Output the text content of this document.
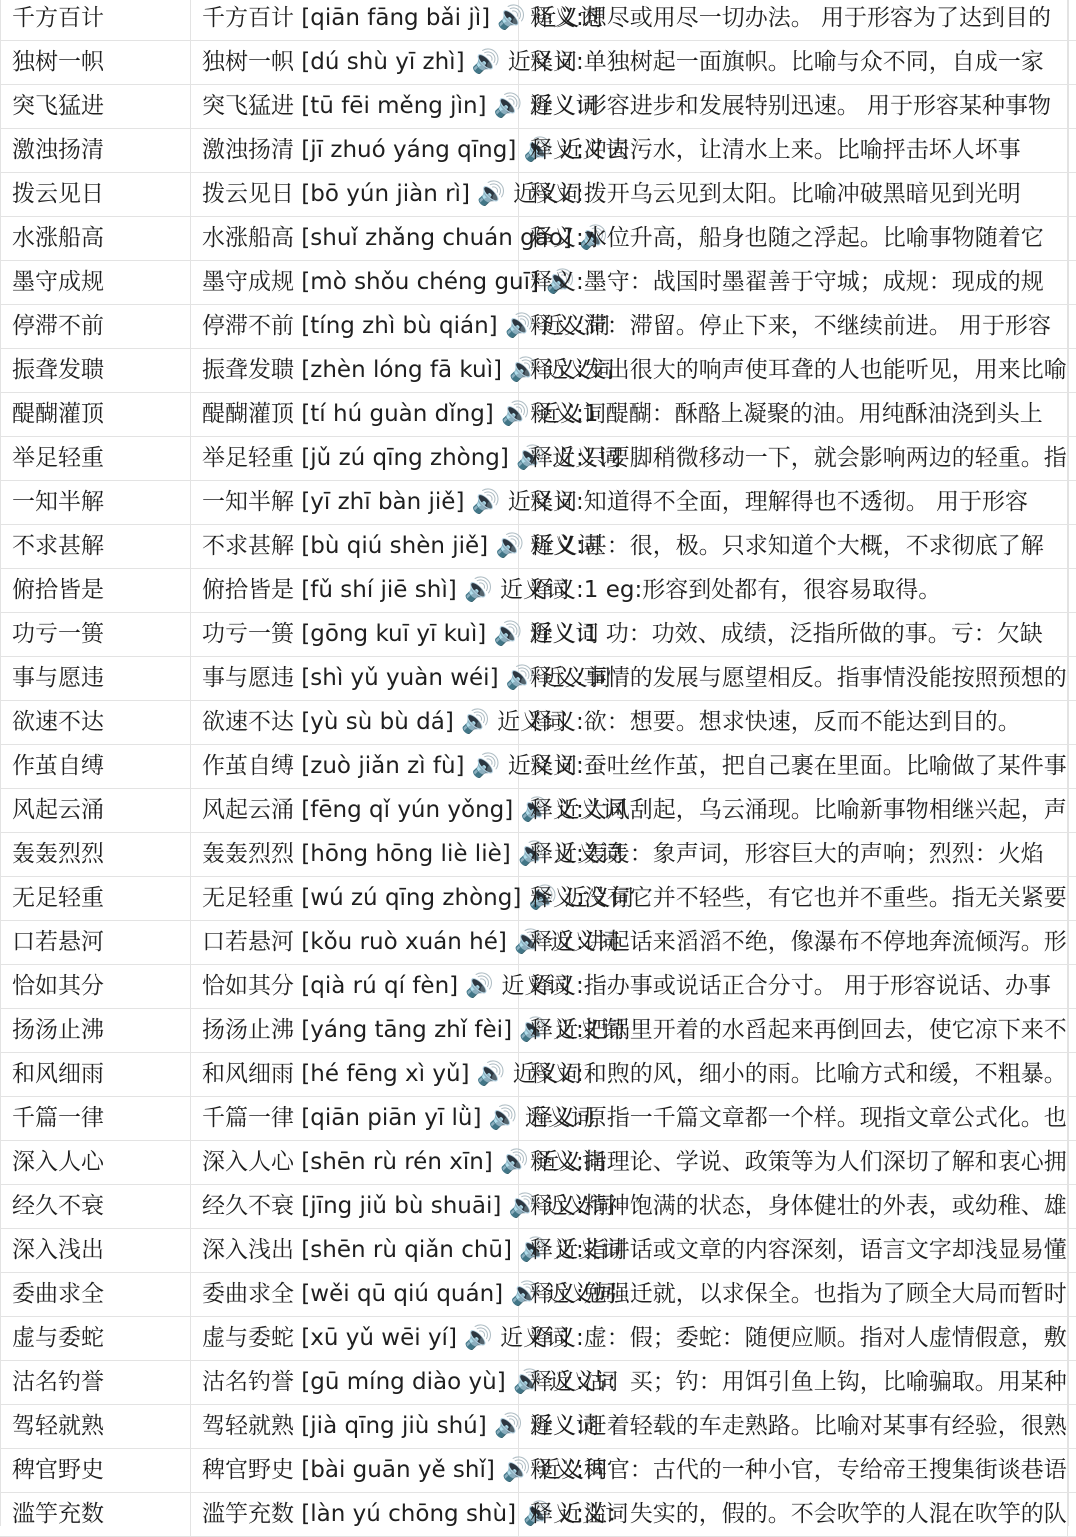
千方百计	千方百计 [qiān fāng bǎi jì] 🔊 近义词
释义:想尽或用尽一切办法。 用于形容为了达到目的
独树一帜	独树一帜 [dú shù yī zhì] 🔊 近义词
释义:单独树起一面旗帜。比喻与众不同，自成一家
突飞猛进	突飞猛进 [tū fēi měng jìn] 🔊 近义词
释义:形容进步和发展特别迅速。 用于形容某种事物
激浊扬清	激浊扬清 [jī zhuó yáng qīng] 🔊 近义词
释义:冲去污水，让清水上来。比喻抨击坏人坏事
拨云见日	拨云见日 [bō yún jiàn rì] 🔊 近义词
释义:拨开乌云见到太阳。比喻冲破黑暗见到光明
水涨船高	水涨船高 [shuǐ zhǎng chuán gāo] 🔊
释义:水位升高，船身也随之浮起。比喻事物随着它
墨守成规	墨守成规 [mò shǒu chéng guī] 🔊
释义:墨守：战国时墨翟善于守城；成规：现成的规
停滞不前	停滞不前 [tíng zhì bù qián] 🔊 近义词
释义:滞：滞留。停止下来，不继续前进。 用于形容
振聋发聩	振聋发聩 [zhèn lóng fā kuì] 🔊 近义词
释义:发出很大的响声使耳聋的人也能听见，用来比喻
醍醐灌顶	醍醐灌顶 [tí hú guàn dǐng] 🔊 近义词
释义:1 醍醐：酥酪上凝聚的油。用纯酥油浇到头上
举足轻重	举足轻重 [jǔ zú qīng zhòng] 🔊 近义词
释义:只要脚稍微移动一下，就会影响两边的轻重。指
一知半解	一知半解 [yī zhī bàn jiě] 🔊 近义词
释义:知道得不全面，理解得也不透彻。 用于形容
不求甚解	不求甚解 [bù qiú shèn jiě] 🔊 近义词
释义:甚：很，极。只求知道个大概，不求彻底了解
俯拾皆是	俯拾皆是 [fǔ shí jiē shì] 🔊 近义词
释义:1 eg:形容到处都有，很容易取得。
功亏一篑	功亏一篑 [gōng kuī yī kuì] 🔊 近义词
释义:1 功：功效、成绩，泛指所做的事。亏：欠缺
事与愿违	事与愿违 [shì yǔ yuàn wéi] 🔊 近义词
释义:事情的发展与愿望相反。指事情没能按照预想的
欲速不达	欲速不达 [yù sù bù dá] 🔊 近义词
释义:欲：想要。想求快速，反而不能达到目的。
作茧自缚	作茧自缚 [zuò jiǎn zì fù] 🔊 近义词
释义:蚕吐丝作茧，把自己裹在里面。比喻做了某件事
风起云涌	风起云涌 [fēng qǐ yún yǒng] 🔊 近义词
释义:大风刮起，乌云涌现。比喻新事物相继兴起，声
轰轰烈烈	轰轰烈烈 [hōng hōng liè liè] 🔊 近义词
释义:轰轰：象声词，形容巨大的声响；烈烈：火焰
无足轻重	无足轻重 [wú zú qīng zhòng] 🔊 近义词
释义:没有它并不轻些，有它也并不重些。指无关紧要
口若悬河	口若悬河 [kǒu ruò xuán hé] 🔊 近义词
释义:讲起话来滔滔不绝，像瀑布不停地奔流倾泻。形
恰如其分	恰如其分 [qià rú qí fèn] 🔊 近义词
释义:指办事或说话正合分寸。 用于形容说话、办事
扬汤止沸	扬汤止沸 [yáng tāng zhǐ fèi] 🔊 近义词
释义:把锅里开着的水舀起来再倒回去，使它凉下来不
和风细雨	和风细雨 [hé fēng xì yǔ] 🔊 近义词
释义:和煦的风，细小的雨。比喻方式和缓，不粗暴。
千篇一律	千篇一律 [qiān piān yī lǜ] 🔊 近义词
释义:原指一千篇文章都一个样。现指文章公式化。也
深入人心	深入人心 [shēn rù rén xīn] 🔊 近义词
释义:指理论、学说、政策等为人们深切了解和衷心拥
经久不衰	经久不衰 [jīng jiǔ bù shuāi] 🔊 近义词
释义:精神饱满的状态，身体健壮的外表，或幼稚、雄
深入浅出	深入浅出 [shēn rù qiǎn chū] 🔊 近义词
释义:指讲话或文章的内容深刻，语言文字却浅显易懂
委曲求全	委曲求全 [wěi qū qiú quán] 🔊 近义词
释义:勉强迁就，以求保全。也指为了顾全大局而暂时
虚与委蛇	虚与委蛇 [xū yǔ wēi yí] 🔊 近义词
释义:虚：假；委蛇：随便应顺。指对人虚情假意，敷
沽名钓誉	沽名钓誉 [gū míng diào yù] 🔊 近义词
释义:沽：买；钓：用饵引鱼上钩，比喻骗取。用某种
驾轻就熟	驾轻就熟 [jià qīng jiù shú] 🔊 近义词
释义:赶着轻载的车走熟路。比喻对某事有经验，很熟
稗官野史	稗官野史 [bài guān yě shǐ] 🔊 近义词
释义:稗官：古代的一种小官，专给帝王搜集街谈巷语
滥竽充数	滥竽充数 [làn yú chōng shù] 🔊 近义词
释义:滥：失实的，假的。不会吹竽的人混在吹竽的队
